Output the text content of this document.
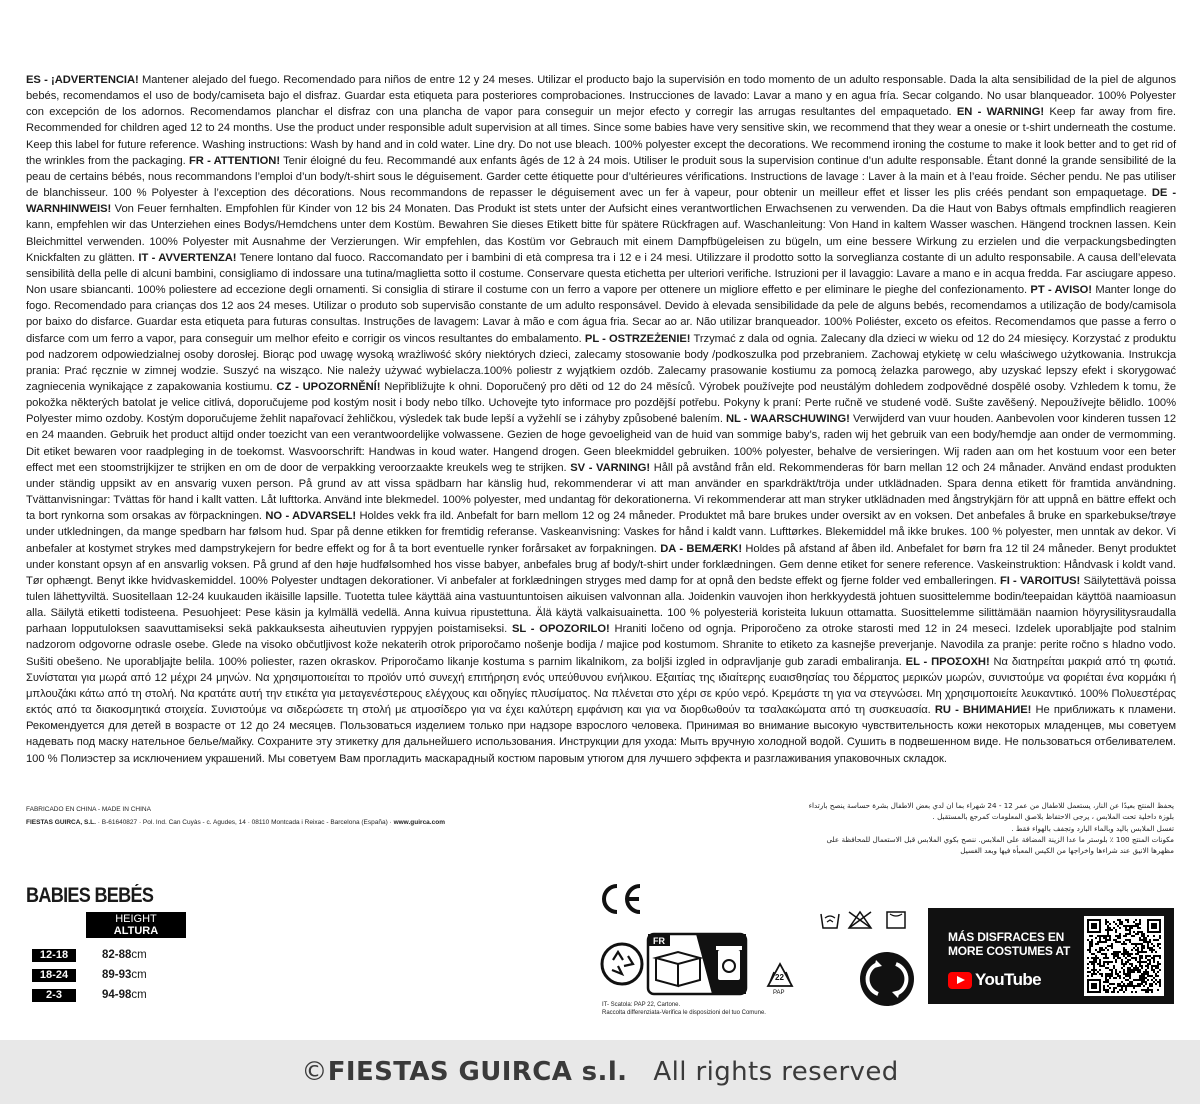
ES - ¡ADVERTENCIA! Mantener alejado del fuego. Recomendado para niños de entre 12 y 24 meses. Utilizar el producto bajo la supervisión en todo momento de un adulto responsable. Dada la alta sensibilidad de la piel de algunos bebés, recomendamos el uso de body/camiseta bajo el disfraz. Guardar esta etiqueta para posteriores comprobaciones. Instrucciones de lavado: Lavar a mano y en agua fría. Secar colgando. No usar blanqueador. 100% Polyester con excepción de los adornos. Recomendamos planchar el disfraz con una plancha de vapor para conseguir un mejor efecto y corregir las arrugas resultantes del empaquetado. EN - WARNING! Keep far away from fire. Recommended for children aged 12 to 24 months. Use the product under responsible adult supervision at all times. Since some babies have very sensitive skin, we recommend that they wear a onesie or t-shirt underneath the costume. Keep this label for future reference. Washing instructions: Wash by hand and in cold water. Line dry. Do not use bleach. 100% polyester except the decorations. We recommend ironing the costume to make it look better and to get rid of the wrinkles from the packaging. FR - ATTENTION! Tenir éloigné du feu. Recommandé aux enfants âgés de 12 à 24 mois. Utiliser le produit sous la supervision continue d’un adulte responsable. Étant donné la grande sensibilité de la peau de certains bébés, nous recommandons l’emploi d’un body/t-shirt sous le déguisement. Garder cette étiquette pour d’ultérieures vérifications. Instructions de lavage : Laver à la main et à l’eau froide. Sécher pendu. Ne pas utiliser de blanchisseur. 100 % Polyester à l’exception des décorations. Nous recommandons de repasser le déguisement avec un fer à vapeur, pour obtenir un meilleur effet et lisser les plis créés pendant son empaquetage. DE - WARNHINWEIS! Von Feuer fernhalten. Empfohlen für Kinder von 12 bis 24 Monaten. Das Produkt ist stets unter der Aufsicht eines verantwortlichen Erwachsenen zu verwenden. Da die Haut von Babys oftmals empfindlich reagieren kann, empfehlen wir das Unterziehen eines Bodys/Hemdchens unter dem Kostüm. Bewahren Sie dieses Etikett bitte für spätere Rückfragen auf. Waschanleitung: Von Hand in kaltem Wasser waschen. Hängend trocknen lassen. Kein Bleichmittel verwenden. 100% Polyester mit Ausnahme der Verzierungen. Wir empfehlen, das Kostüm vor Gebrauch mit einem Dampfbügeleisen zu bügeln, um eine bessere Wirkung zu erzielen und die verpackungsbedingten Knickfalten zu glätten. IT - AVVERTENZA! Tenere lontano dal fuoco. Raccomandato per i bambini di età compresa tra i 12 e i 24 mesi. Utilizzare il prodotto sotto la sorveglianza costante di un adulto responsabile. A causa dell’elevata sensibilità della pelle di alcuni bambini, consigliamo di indossare una tutina/maglietta sotto il costume. Conservare questa etichetta per ulteriori verifiche. Istruzioni per il lavaggio: Lavare a mano e in acqua fredda. Far asciugare appeso. Non usare sbiancanti. 100% poliestere ad eccezione degli ornamenti. Si consiglia di stirare il costume con un ferro a vapore per ottenere un migliore effetto e per eliminare le pieghe del confezionamento. PT - AVISO! Manter longe do fogo. Recomendado para crianças dos 12 aos 24 meses. Utilizar o produto sob supervisão constante de um adulto responsável. Devido à elevada sensibilidade da pele de alguns bebés, recomendamos a utilização de body/camisola por baixo do disfarce. Guardar esta etiqueta para futuras consultas. Instruções de lavagem: Lavar à mão e com água fria. Secar ao ar. Não utilizar branqueador. 100% Poliéster, exceto os efeitos. Recomendamos que passe a ferro o disfarce com um ferro a vapor, para conseguir um melhor efeito e corrigir os vincos resultantes do embalamento. PL - OSTRZEŻENIE! Trzymać z dala od ognia. Zalecany dla dzieci w wieku od 12 do 24 miesięcy. Korzystać z produktu pod nadzorem odpowiedzialnej osoby dorosłej. Biorąc pod uwagę wysoką wrażliwość skóry niektórych dzieci, zalecamy stosowanie body /podkoszulka pod przebraniem. Zachowaj etykietę w celu właściwego użytkowania. Instrukcja prania: Prać ręcznie w zimnej wodzie. Suszyć na wisząco. Nie należy używać wybielacza.100% poliestr z wyjątkiem ozdób. Zalecamy prasowanie kostiumu za pomocą żelazka parowego, aby uzyskać lepszy efekt i skorygować zagniecenia wynikające z zapakowania kostiumu. CZ - UPOZORNĚNÍ! Nepřibližujte k ohni. Doporučený pro děti od 12 do 24 měsíců. Výrobek používejte pod neustálým dohledem zodpovědné dospělé osoby. Vzhledem k tomu, že pokožka některých batolat je velice citlivá, doporučujeme pod kostým nosit i body nebo tílko. Uchovejte tyto informace pro pozdější potřebu. Pokyny k praní: Perte ručně ve studené vodě. Sušte zavěšený. Nepoužívejte bělidlo. 100% Polyester mimo ozdoby. Kostým doporučujeme žehlit napařovací žehličkou, výsledek tak bude lepší a vyžehlí se i záhyby způsobené balením. NL - WAARSCHUWING! Verwijderd van vuur houden. Aanbevolen voor kinderen tussen 12 en 24 maanden. Gebruik het product altijd onder toezicht van een verantwoordelijke volwassene. Gezien de hoge gevoeligheid van de huid van sommige baby’s, raden wij het gebruik van een body/hemdje aan onder de vermomming. Dit etiket bewaren voor raadpleging in de toekomst. Wasvoorschrift: Handwas in koud water. Hangend drogen. Geen bleekmiddel gebruiken. 100% polyester, behalve de versieringen. Wij raden aan om het kostuum voor een beter effect met een stoomstrijkijzer te strijken en om de door de verpakking veroorzaakte kreukels weg te strijken. SV - VARNING! Håll på avstånd från eld. Rekommenderas för barn mellan 12 och 24 månader. Använd endast produkten under ständig uppsikt av en ansvarig vuxen person. På grund av att vissa spädbarn har känslig hud, rekommenderar vi att man använder en sparkdräkt/tröja under utklädnaden. Spara denna etikett för framtida användning. Tvättanvisningar: Tvättas för hand i kallt vatten. Låt lufttorka. Använd inte blekmedel. 100% polyester, med undantag för dekorationerna. Vi rekommenderar att man stryker utklädnaden med ångstrykjärn för att uppnå en bättre effekt och ta bort rynkorna som orsakas av förpackningen. NO - ADVARSEL! Holdes vekk fra ild. Anbefalt for barn mellom 12 og 24 måneder. Produktet må bare brukes under oversikt av en voksen. Det anbefales å bruke en sparkebukse/trøye under utkledningen, da mange spedbarn har følsom hud. Spar på denne etikken for fremtidig referanse. Vaskeanvisning: Vaskes for hånd i kaldt vann. Lufttørkes. Blekemiddel må ikke brukes. 100 % polyester, men unntak av dekor. Vi anbefaler at kostymet strykes med dampstrykejern for bedre effekt og for å ta bort eventuelle rynker forårsaket av forpakningen. DA - BEMÆRK! Holdes på afstand af åben ild. Anbefalet for børn fra 12 til 24 måneder. Benyt produktet under konstant opsyn af en ansvarlig voksen. På grund af den høje hudfølsomhed hos visse babyer, anbefales brug af body/t-shirt under forklædningen. Gem denne etiket for senere reference. Vaskeinstruktion: Håndvask i koldt vand. Tør ophængt. Benyt ikke hvidvaskemiddel. 100% Polyester undtagen dekorationer. Vi anbefaler at forklædningen stryges med damp for at opnå den bedste effekt og fjerne folder ved emballeringen. FI - VAROITUS! Säilytettävä poissa tulen lähettyviltä. Suositellaan 12-24 kuukauden ikäisille lapsille. Tuotetta tulee käyttää aina vastuuntuntoisen aikuisen valvonnan alla. Joidenkin vauvojen ihon herkkyydestä johtuen suosittelemme bodin/teepaidan käyttöä naamioasun alla. Säilytä etiketti todisteena. Pesuohjeet: Pese käsin ja kylmällä vedellä. Anna kuivua ripustettuna. Älä käytä valkaisuainetta. 100 % polyesteriä koristeita lukuun ottamatta. Suosittelemme silittämään naamion höyrysilitysraudalla parhaan lopputuloksen saavuttamiseksi sekä pakkauksesta aiheutuvien ryppyjen poistamiseksi. SL - OPOZORILO! Hraniti ločeno od ognja. Priporočeno za otroke starosti med 12 in 24 meseci. Izdelek uporabljajte pod stalnim nadzorom odgovorne odrasle osebe. Glede na visoko občutljivost kože nekaterih otrok priporočamo nošenje bodija / majice pod kostumom. Shranite to etiketo za kasnejše preverjanje. Navodila za pranje: perite ročno s hladno vodo. Sušiti obešeno. Ne uporabljajte belila. 100% poliester, razen okraskov. Priporočamo likanje kostuma s parnim likalnikom, za boljši izgled in odpravljanje gub zaradi embaliranja. EL - ΠΡΟΣΟΧΗ! Να διατηρείται μακριά από τη φωτιά. Συνίσταται για μωρά από 12 μέχρι 24 μηνών. Να χρησιμοποιείται το προϊόν υπό συνεχή επιτήρηση ενός υπεύθυνου ενήλικου. Εξαιτίας της ιδιαίτερης ευαισθησίας του δέρματος μερικών μωρών, συνιστούμε να φοριέται ένα κορμάκι ή μπλουζάκι κάτω από τη στολή. Να κρατάτε αυτή την ετικέτα για μεταγενέστερους ελέγχους και οδηγίες πλυσίματος. Να πλένεται στο χέρι σε κρύο νερό. Κρεμάστε τη για να στεγνώσει. Μη χρησιμοποιείτε λευκαντικό. 100% Πολυεστέρας εκτός από τα διακοσμητικά στοιχεία. Συνιστούμε να σιδερώσετε τη στολή με ατμοσίδερο για να έχει καλύτερη εμφάνιση και για να διορθωθούν τα τσαλακώματα από τη συσκευασία. RU - ВНИМАНИЕ! Не приближать к пламени. Рекомендуется для детей в возрасте от 12 до 24 месяцев. Пользоваться изделием только при надзоре взрослого человека. Принимая во внимание высокую чувствительность кожи некоторых младенцев, мы советуем надевать под маску нательное белье/майку. Сохраните эту этикетку для дальнейшего использования. Инструкции для ухода: Мыть вручную холодной водой. Сушить в подвешенном виде. Не пользоваться отбеливателем. 100 % Полиэстер за исключением украшений. Мы советуем Вам прогладить маскарадный костюм паровым утюгом для лучшего эффекта и разглаживания упаковочных складок.
FABRICADO EN CHINA - MADE IN CHINA
FIESTAS GUIRCA, S.L. · B-61640827 · Pol. Ind. Can Cuyàs - c. Agudes, 14 · 08110 Montcada i Reixac - Barcelona (España) · www.guirca.com
يحفظ المنتج بعيدًا عن النار، يستعمل للاطفال من عمر 12 - 24 شهراء بما ان لدي بعض الاطفال بشرة حساسة ينصح بارتداء
بلوزة داخلية تحت الملابس ، يرجى الاحتفاظ بلاصق المعلومات كمرجع بالمستقبل .
تغسل الملابس باليد وبالماء البارد وتجفف بالهواء فقط .
مكونات المنتج 100 ٪ بلوستر ما عدا الزينة المضافة على الملابس. ننصح بكوي الملابس قبل الاستعمال للمحافظة على
مظهرها الانيق عند شراءها واخراجها من الكيس المعبأة فيها وبعد الغسيل
BABIES BEBÉS
HEIGHT
ALTURA
12-18	82-88cm
18-24	89-93cm
2-3	94-98cm
FR
22
PAP
IT- Scatola: PAP 22, Cartone.
Raccolta differenziata-Verifica le disposizioni del tuo Comune.
MÁS DISFRACES EN
MORE COSTUMES AT
YouTube
© FIESTAS GUIRCA s.l. All rights reserved
